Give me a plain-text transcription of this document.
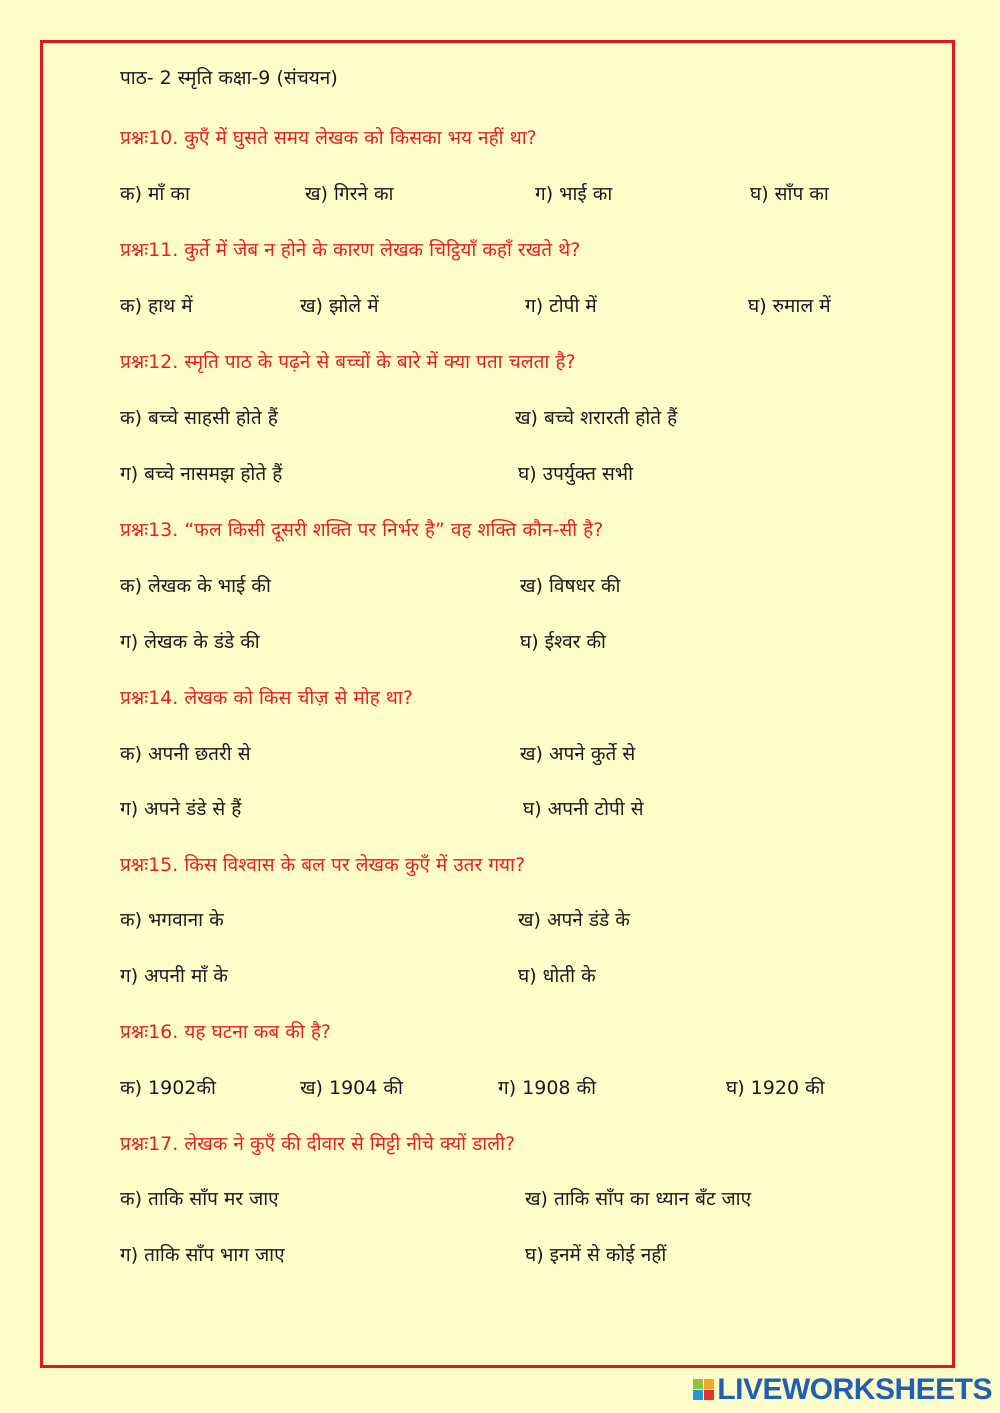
पाठ- 2 स्मृति कक्षा-9 (संचयन)
प्रश्नः10. कुएँ में घुसते समय लेखक को किसका भय नहीं था?
क) माँ का	ख) गिरने का	ग) भाई का	घ) साँप का
प्रश्नः11. कुर्ते में जेब न होने के कारण लेखक चिट्ठियाँ कहाँ रखते थे?
क) हाथ में	ख) झोले में	ग) टोपी में	घ) रुमाल में
प्रश्नः12. स्मृति पाठ के पढ़ने से बच्चों के बारे में क्या पता चलता है?
क) बच्चे साहसी होते हैं	ख) बच्चे शरारती होते हैं
ग) बच्चे नासमझ होते हैं	घ) उपर्युक्त सभी
प्रश्नः13. “फल किसी दूसरी शक्ति पर निर्भर है” वह शक्ति कौन-सी है?
क) लेखक के भाई की	ख) विषधर की
ग) लेखक के डंडे की	घ) ईश्वर की
प्रश्नः14. लेखक को किस चीज़ से मोह था?
क) अपनी छतरी से	ख) अपने कुर्ते से
ग) अपने डंडे से हैं	घ) अपनी टोपी से
प्रश्नः15. किस विश्वास के बल पर लेखक कुएँ में उतर गया?
क) भगवाना के	ख) अपने डंडे के
ग) अपनी माँ के	घ) धोती के
प्रश्नः16. यह घटना कब की है?
क) 1902की	ख) 1904 की	ग) 1908 की	घ) 1920 की
प्रश्नः17. लेखक ने कुएँ की दीवार से मिट्टी नीचे क्यों डाली?
क) ताकि साँप मर जाए	ख) ताकि साँप का ध्यान बँट जाए
ग) ताकि साँप भाग जाए	घ) इनमें से कोई नहीं
LIVEWORKSHEETS
